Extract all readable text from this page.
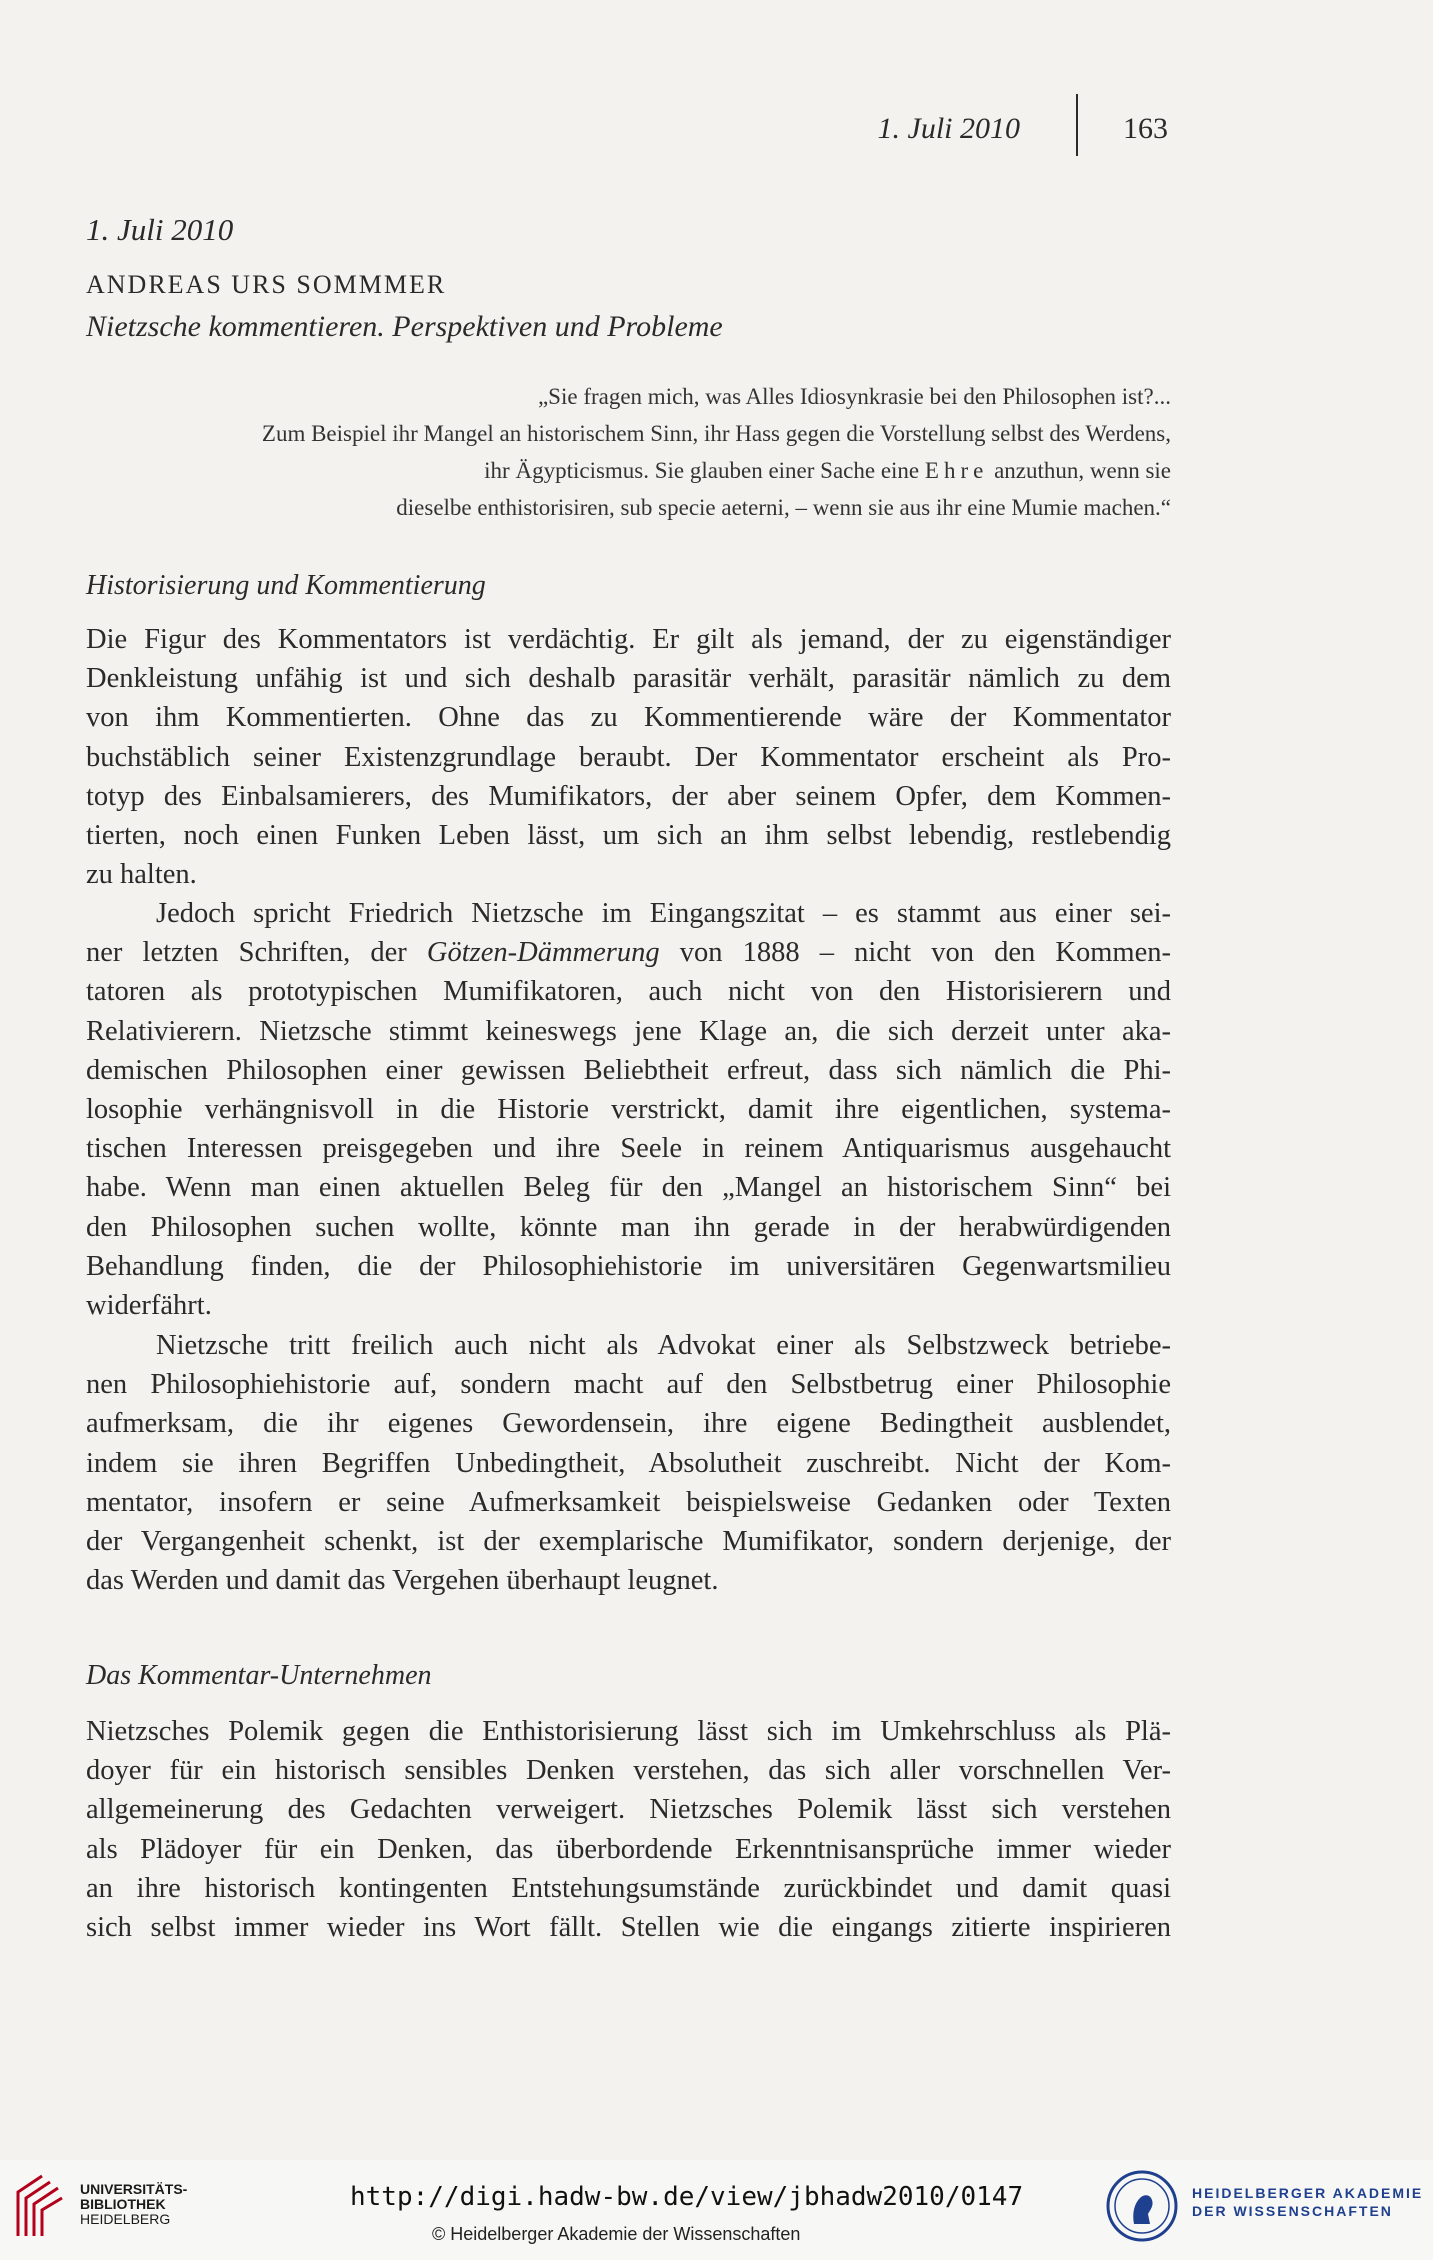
1. Juli 2010	163
1. Juli 2010
ANDREAS URS SOMMMER
Nietzsche kommentieren. Perspektiven und Probleme
„Sie fragen mich, was Alles Idiosynkrasie bei den Philosophen ist?...
Zum Beispiel ihr Mangel an historischem Sinn, ihr Hass gegen die Vorstellung selbst des Werdens,
ihr Ägypticismus. Sie glauben einer Sache eine Ehre anzuthun, wenn sie
dieselbe enthistorisiren, sub specie aeterni, – wenn sie aus ihr eine Mumie machen.“
Historisierung und Kommentierung
Die Figur des Kommentators ist verdächtig. Er gilt als jemand, der zu eigenständiger
Denkleistung unfähig ist und sich deshalb parasitär verhält, parasitär nämlich zu dem
von ihm Kommentierten. Ohne das zu Kommentierende wäre der Kommentator
buchstäblich seiner Existenzgrundlage beraubt. Der Kommentator erscheint als Pro-
totyp des Einbalsamierers, des Mumifikators, der aber seinem Opfer, dem Kommen-
tierten, noch einen Funken Leben lässt, um sich an ihm selbst lebendig, restlebendig
zu halten.
Jedoch spricht Friedrich Nietzsche im Eingangszitat – es stammt aus einer sei-
ner letzten Schriften, der Götzen-Dämmerung von 1888 – nicht von den Kommen-
tatoren als prototypischen Mumifikatoren, auch nicht von den Historisierern und
Relativierern. Nietzsche stimmt keineswegs jene Klage an, die sich derzeit unter aka-
demischen Philosophen einer gewissen Beliebtheit erfreut, dass sich nämlich die Phi-
losophie verhängnisvoll in die Historie verstrickt, damit ihre eigentlichen, systema-
tischen Interessen preisgegeben und ihre Seele in reinem Antiquarismus ausgehaucht
habe. Wenn man einen aktuellen Beleg für den „Mangel an historischem Sinn“ bei
den Philosophen suchen wollte, könnte man ihn gerade in der herabwürdigenden
Behandlung finden, die der Philosophiehistorie im universitären Gegenwartsmilieu
widerfährt.
Nietzsche tritt freilich auch nicht als Advokat einer als Selbstzweck betriebe-
nen Philosophiehistorie auf, sondern macht auf den Selbstbetrug einer Philosophie
aufmerksam, die ihr eigenes Gewordensein, ihre eigene Bedingtheit ausblendet,
indem sie ihren Begriffen Unbedingtheit, Absolutheit zuschreibt. Nicht der Kom-
mentator, insofern er seine Aufmerksamkeit beispielsweise Gedanken oder Texten
der Vergangenheit schenkt, ist der exemplarische Mumifikator, sondern derjenige, der
das Werden und damit das Vergehen überhaupt leugnet.
Das Kommentar-Unternehmen
Nietzsches Polemik gegen die Enthistorisierung lässt sich im Umkehrschluss als Plä-
doyer für ein historisch sensibles Denken verstehen, das sich aller vorschnellen Ver-
allgemeinerung des Gedachten verweigert. Nietzsches Polemik lässt sich verstehen
als Plädoyer für ein Denken, das überbordende Erkenntnisansprüche immer wieder
an ihre historisch kontingenten Entstehungsumstände zurückbindet und damit quasi
sich selbst immer wieder ins Wort fällt. Stellen wie die eingangs zitierte inspirieren
UNIVERSITÄTS-
BIBLIOTHEK
HEIDELBERG
http://digi.hadw-bw.de/view/jbhadw2010/0147
© Heidelberger Akademie der Wissenschaften
HEIDELBERGER AKADEMIE
DER WISSENSCHAFTEN
